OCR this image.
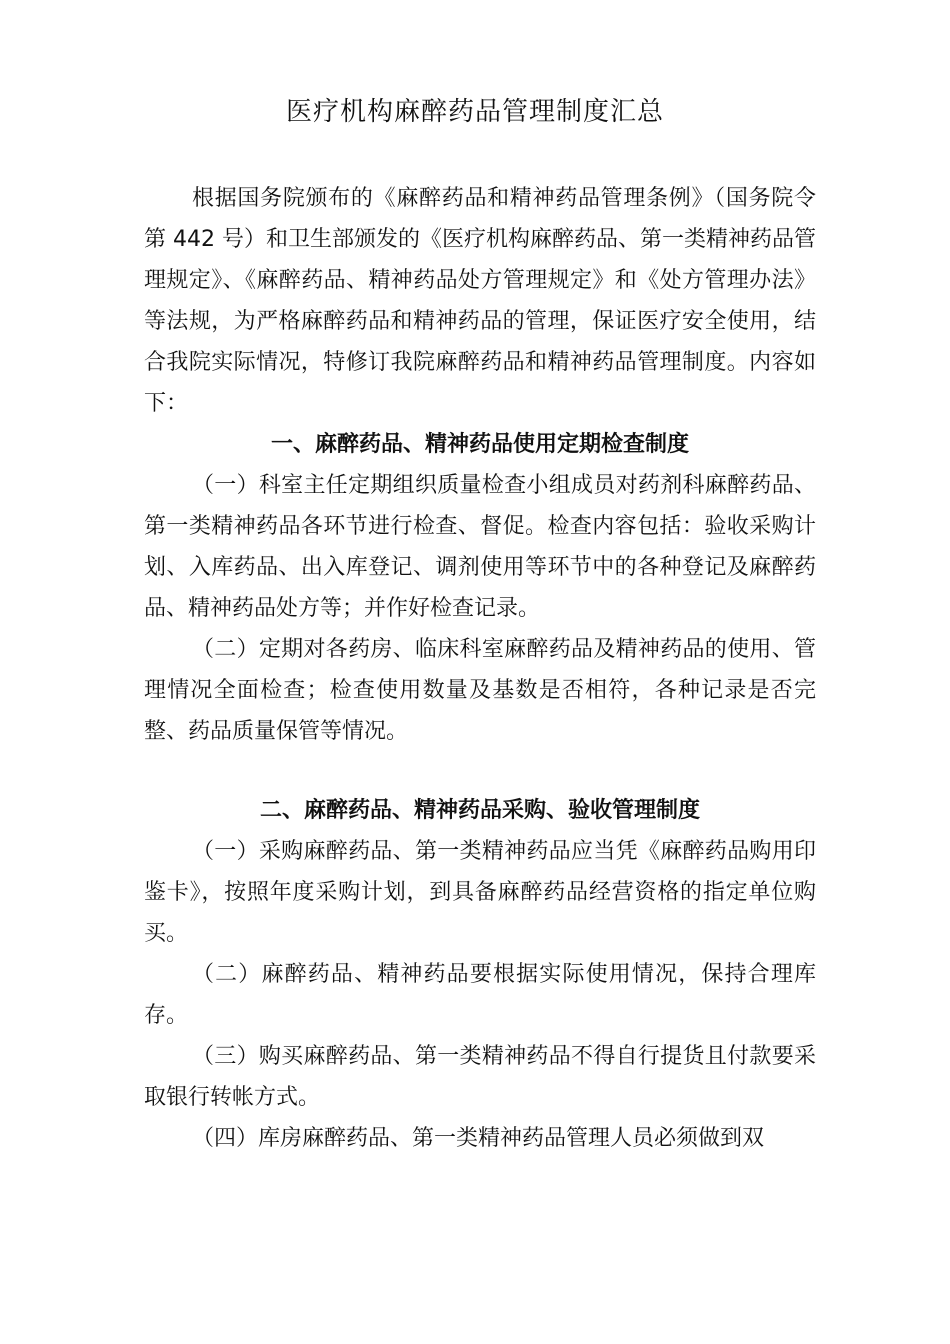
医疗机构麻醉药品管理制度汇总

根据国务院颁布的《麻醉药品和精神药品管理条例》（国务院令第 442 号）和卫生部颁发的《医疗机构麻醉药品、第一类精神药品管理规定》、《麻醉药品、精神药品处方管理规定》和《处方管理办法》等法规，为严格麻醉药品和精神药品的管理，保证医疗安全使用，结合我院实际情况，特修订我院麻醉药品和精神药品管理制度。内容如下：

一、麻醉药品、精神药品使用定期检查制度

（一）科室主任定期组织质量检查小组成员对药剂科麻醉药品、第一类精神药品各环节进行检查、督促。检查内容包括：验收采购计划、入库药品、出入库登记、调剂使用等环节中的各种登记及麻醉药品、精神药品处方等；并作好检查记录。

（二）定期对各药房、临床科室麻醉药品及精神药品的使用、管理情况全面检查；检查使用数量及基数是否相符，各种记录是否完整、药品质量保管等情况。

二、麻醉药品、精神药品采购、验收管理制度

（一）采购麻醉药品、第一类精神药品应当凭《麻醉药品购用印鉴卡》，按照年度采购计划，到具备麻醉药品经营资格的指定单位购买。

（二）麻醉药品、精神药品要根据实际使用情况，保持合理库存。

（三）购买麻醉药品、第一类精神药品不得自行提货且付款要采取银行转帐方式。

（四）库房麻醉药品、第一类精神药品管理人员必须做到双
